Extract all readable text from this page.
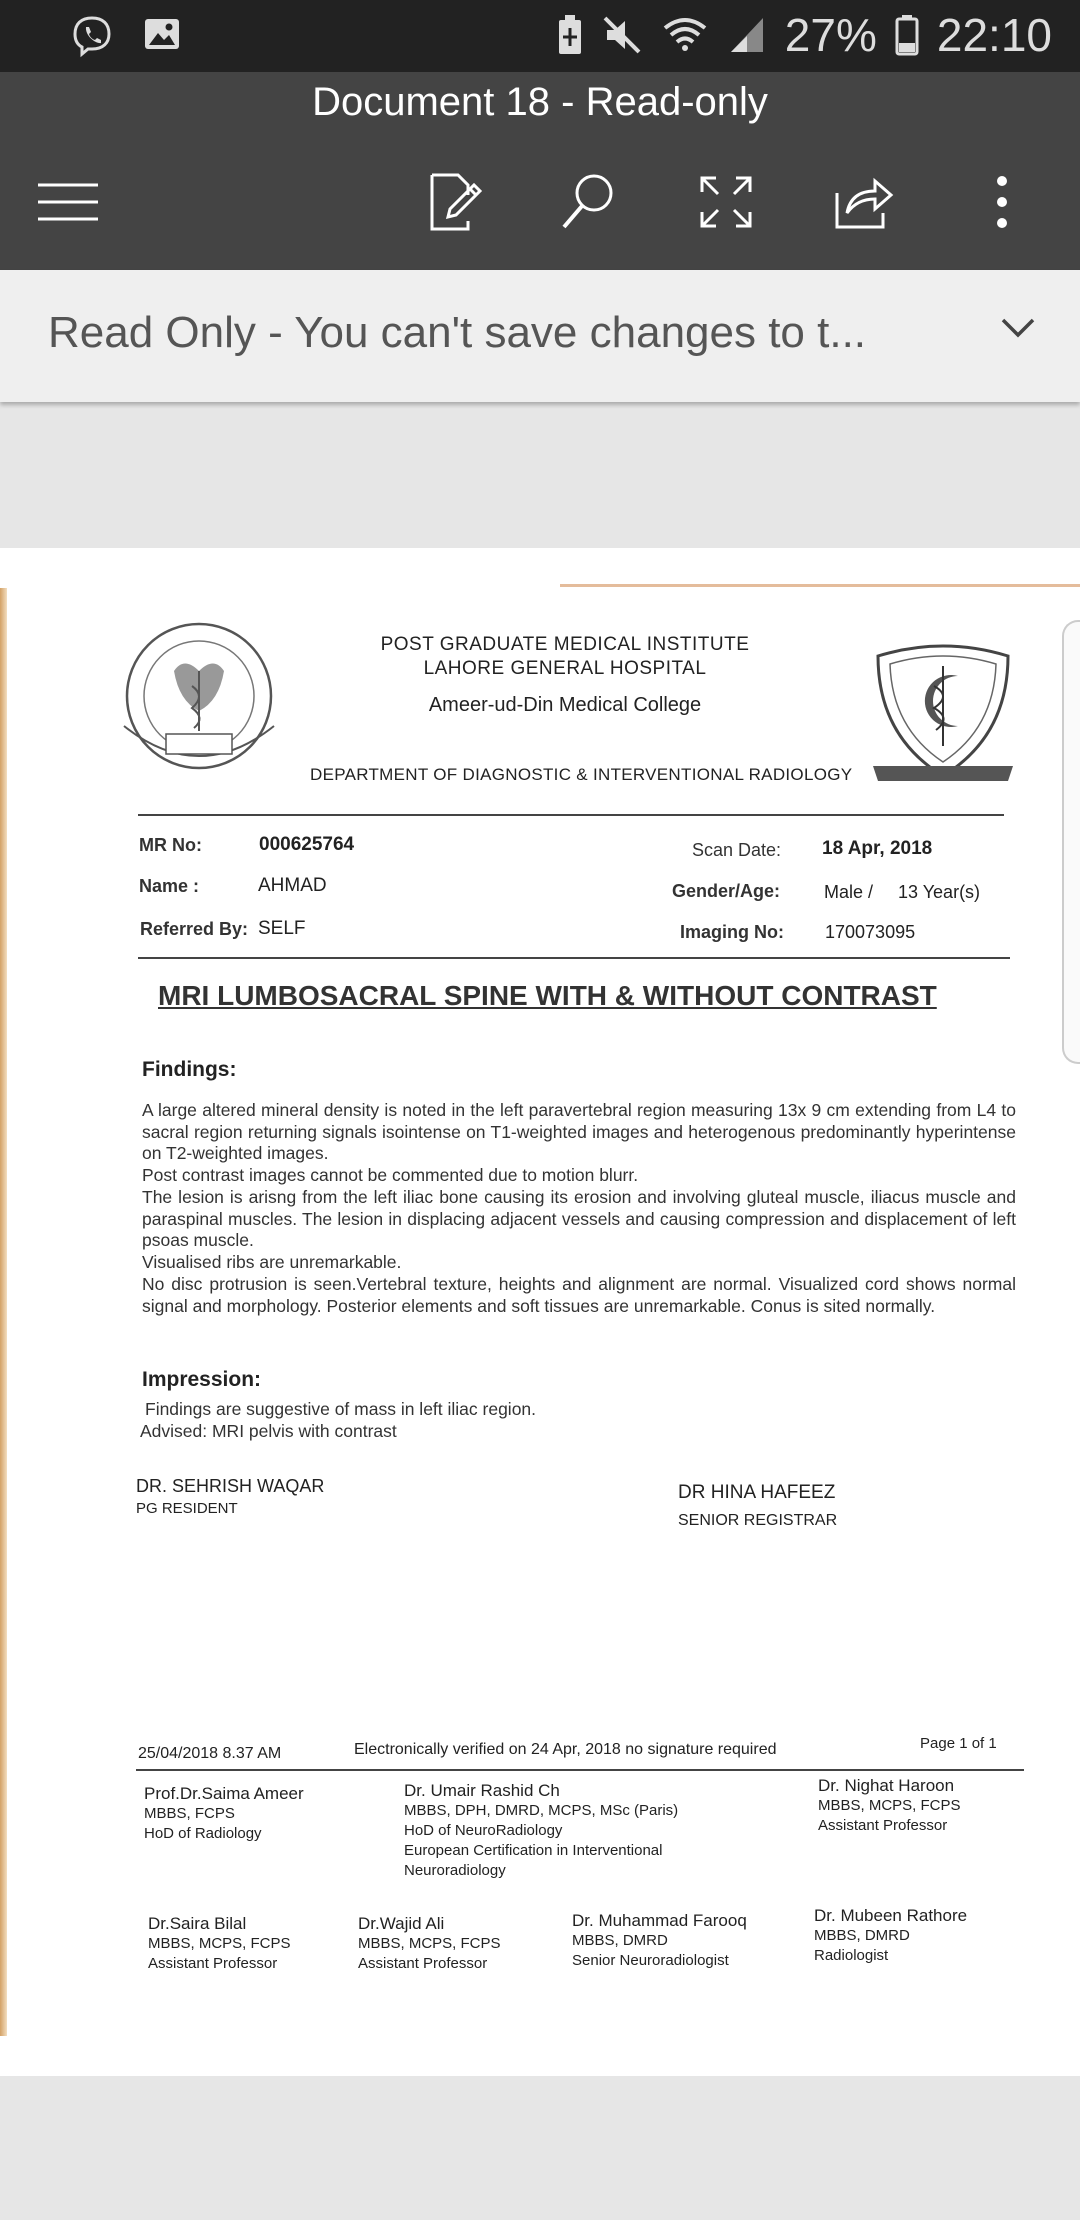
27% 22:10
Document 18 - Read-only
Read Only - You can't save changes to t...
POST GRADUATE MEDICAL INSTITUTE
LAHORE GENERAL HOSPITAL
Ameer-ud-Din Medical College
DEPARTMENT OF DIAGNOSTIC & INTERVENTIONAL RADIOLOGY
MR No:	000625764
Name :	AHMAD
Referred By: SELF
Scan Date: 18 Apr, 2018
Gender/Age: Male / 13 Year(s)
Imaging No: 170073095
MRI LUMBOSACRAL SPINE WITH & WITHOUT CONTRAST
Findings:
A large altered mineral density is noted in the left paravertebral region measuring 13x 9 cm extending from L4 to sacral region returning signals isointense on T1-weighted images and heterogenous predominantly hyperintense on T2-weighted images.
Post contrast images cannot be commented due to motion blurr.
The lesion is arisng from the left iliac bone causing its erosion and involving gluteal muscle, iliacus muscle and paraspinal muscles. The lesion in displacing adjacent vessels and causing compression and displacement of left psoas muscle.
Visualised ribs are unremarkable.
No disc protrusion is seen.Vertebral texture, heights and alignment are normal. Visualized cord shows normal signal and morphology. Posterior elements and soft tissues are unremarkable. Conus is sited normally.
Impression:
Findings are suggestive of mass in left iliac region.
Advised: MRI pelvis with contrast
DR. SEHRISH WAQAR
PG RESIDENT
DR HINA HAFEEZ
SENIOR REGISTRAR
25/04/2018 8.37 AM	Electronically verified on 24 Apr, 2018 no signature required	Page 1 of 1
Prof.Dr.Saima Ameer
MBBS, FCPS
HoD of Radiology
Dr. Umair Rashid Ch
MBBS, DPH, DMRD, MCPS, MSc (Paris)
HoD of NeuroRadiology
European Certification in Interventional
Neuroradiology
Dr. Nighat Haroon
MBBS, MCPS, FCPS
Assistant Professor
Dr.Saira Bilal
MBBS, MCPS, FCPS
Assistant Professor
Dr.Wajid Ali
MBBS, MCPS, FCPS
Assistant Professor
Dr. Muhammad Farooq
MBBS, DMRD
Senior Neuroradiologist
Dr. Mubeen Rathore
MBBS, DMRD
Radiologist
